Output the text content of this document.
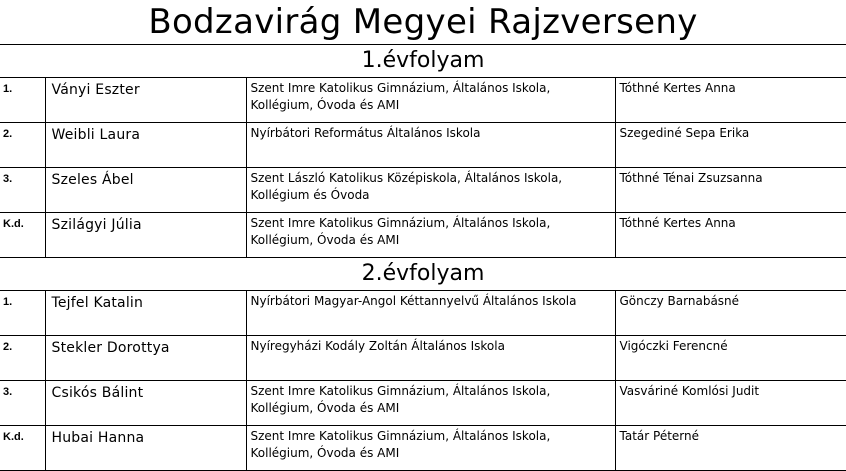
Bodzavirág Megyei Rajzverseny
1.évfolyam			
1.	Ványi Eszter	Szent Imre Katolikus Gimnázium, Általános Iskola, Kollégium, Óvoda és AMI	Tóthné Kertes Anna
2.	Weibli Laura	Nyírbátori Református Általános Iskola	Szegediné Sepa Erika
3.	Szeles Ábel	Szent László Katolikus Középiskola, Általános Iskola, Kollégium és Óvoda	Tóthné Ténai Zsuzsanna
K.d.	Szilágyi Júlia	Szent Imre Katolikus Gimnázium, Általános Iskola, Kollégium, Óvoda és AMI	Tóthné Kertes Anna
2.évfolyam			
1.	Tejfel Katalin	Nyírbátori Magyar-Angol Kéttannyelvű Általános Iskola	Gönczy Barnabásné
2.	Stekler Dorottya	Nyíregyházi Kodály Zoltán Általános Iskola	Vigóczki Ferencné
3.	Csikós Bálint	Szent Imre Katolikus Gimnázium, Általános Iskola, Kollégium, Óvoda és AMI	Vasváriné Komlósi Judit
K.d.	Hubai Hanna	Szent Imre Katolikus Gimnázium, Általános Iskola, Kollégium, Óvoda és AMI	Tatár Péterné
